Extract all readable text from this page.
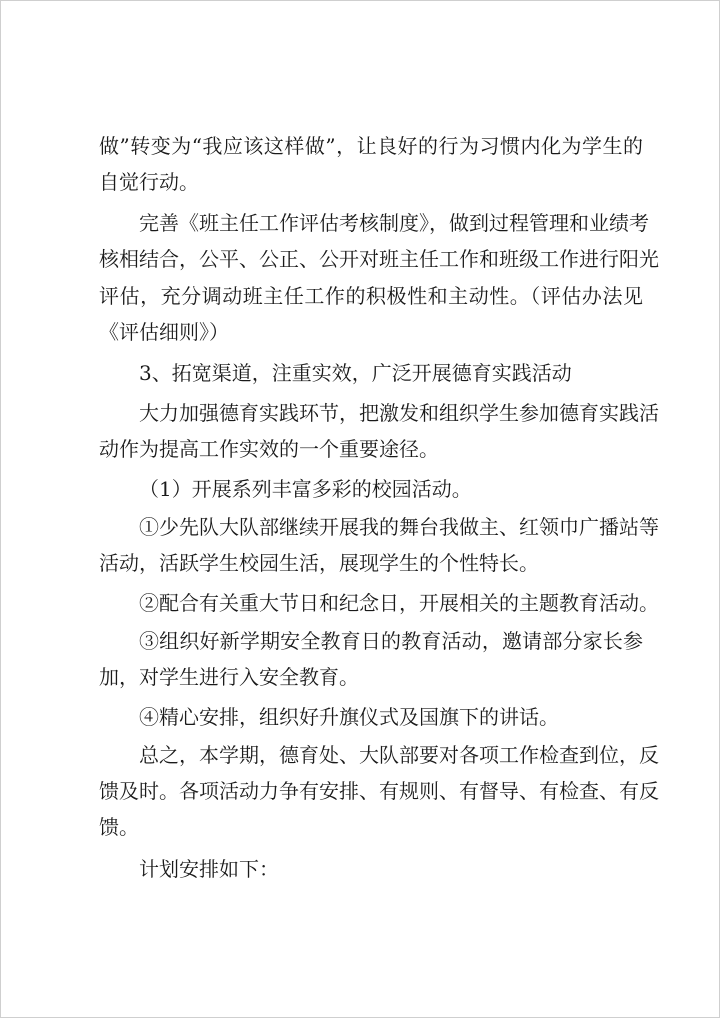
做”转变为“我应该这样做”，让良好的行为习惯内化为学生的
自觉行动。
完善《班主任工作评估考核制度》，做到过程管理和业绩考
核相结合，公平、公正、公开对班主任工作和班级工作进行阳光
评估，充分调动班主任工作的积极性和主动性。（评估办法见
《评估细则》）
3、拓宽渠道，注重实效，广泛开展德育实践活动
大力加强德育实践环节，把激发和组织学生参加德育实践活
动作为提高工作实效的一个重要途径。
（1）开展系列丰富多彩的校园活动。
①少先队大队部继续开展我的舞台我做主、红领巾广播站等
活动，活跃学生校园生活，展现学生的个性特长。
②配合有关重大节日和纪念日，开展相关的主题教育活动。
③组织好新学期安全教育日的教育活动，邀请部分家长参
加，对学生进行入安全教育。
④精心安排，组织好升旗仪式及国旗下的讲话。
总之，本学期，德育处、大队部要对各项工作检查到位，反
馈及时。各项活动力争有安排、有规则、有督导、有检查、有反
馈。
计划安排如下：
